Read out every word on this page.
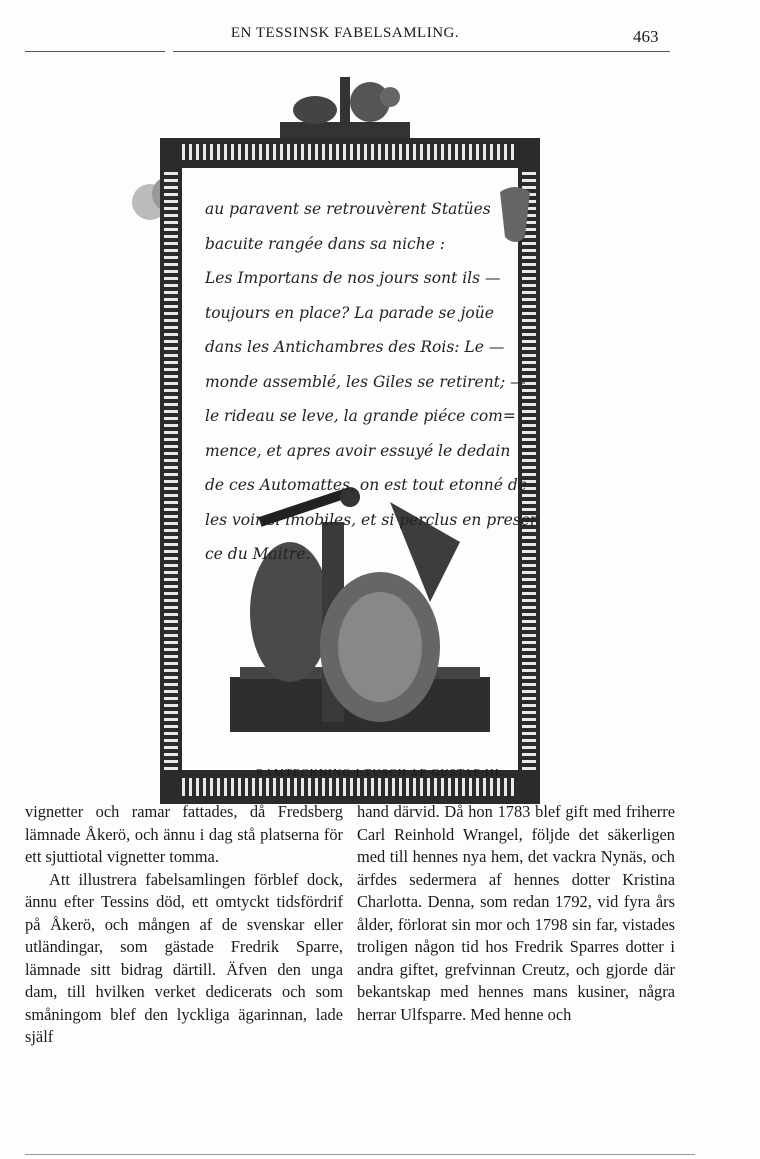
EN TESSINSK FABELSAMLING.	463
au paravent se retrouvèrent Statües
bacuite rangée dans sa niche :
Les Importans de nos jours sont ils —
toujours en place? La parade se joüe
dans les Antichambres des Rois: Le —
monde assemblé, les Giles se retirent; —
le rideau se leve, la grande piéce com=
mence, et apres avoir essuyé le dedain
de ces Automattes, on est tout etonné de
les voir si imobiles, et si perclus en presen
ce du Maitre.
RAMTECKNING I TUSCH AF GUSTAF III.

vignetter och ramar fattades, då Fredsberg lämnade Åkerö, och ännu i dag stå platserna för ett sjuttiotal vignetter tomma.

Att illustrera fabelsamlingen förblef dock, ännu efter Tessins död, ett omtyckt tidsfördrif på Åkerö, och mången af de svenskar eller utländingar, som gästade Fredrik Sparre, lämnade sitt bidrag därtill. Äfven den unga dam, till hvilken verket dedicerats och som småningom blef den lyckliga ägarinnan, lade själf

hand därvid. Då hon 1783 blef gift med friherre Carl Reinhold Wrangel, följde det säkerligen med till hennes nya hem, det vackra Nynäs, och ärfdes sedermera af hennes dotter Kristina Charlotta. Denna, som redan 1792, vid fyra års ålder, förlorat sin mor och 1798 sin far, vistades troligen någon tid hos Fredrik Sparres dotter i andra giftet, grefvinnan Creutz, och gjorde där bekantskap med hennes mans kusiner, några herrar Ulfsparre. Med henne och
